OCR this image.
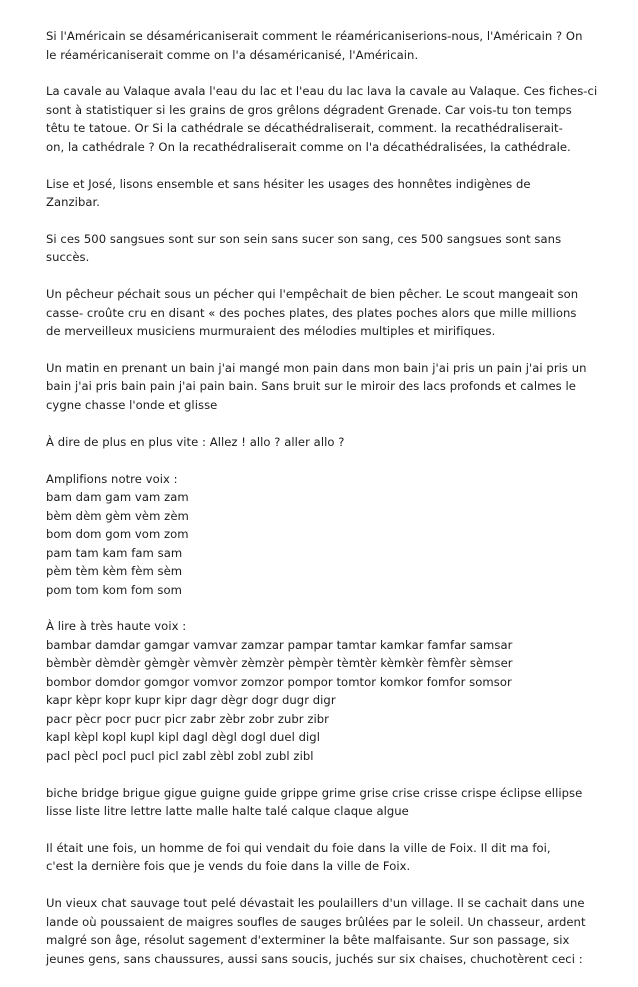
Si l'Américain se désaméricaniserait comment le réaméricaniserions-nous, l'Américain ? On
le réaméricaniserait comme on l'a désaméricanisé, l'Américain.

La cavale au Valaque avala l'eau du lac et l'eau du lac lava la cavale au Valaque. Ces fiches-ci
sont à statistiquer si les grains de gros grêlons dégradent Grenade. Car vois-tu ton temps
têtu te tatoue. Or Si la cathédrale se décathédraliserait, comment. la recathédraliserait-
on, la cathédrale ? On la recathédraliserait comme on l'a décathédralisées, la cathédrale.

Lise et José, lisons ensemble et sans hésiter les usages des honnêtes indigènes de
Zanzibar.

Si ces 500 sangsues sont sur son sein sans sucer son sang, ces 500 sangsues sont sans
succès.

Un pêcheur péchait sous un pécher qui l'empêchait de bien pêcher. Le scout mangeait son
casse- croûte cru en disant « des poches plates, des plates poches alors que mille millions
de merveilleux musiciens murmuraient des mélodies multiples et mirifiques.

Un matin en prenant un bain j'ai mangé mon pain dans mon bain j'ai pris un pain j'ai pris un
bain j'ai pris bain pain j'ai pain bain. Sans bruit sur le miroir des lacs profonds et calmes le
cygne chasse l'onde et glisse

À dire de plus en plus vite : Allez ! allo ? aller allo ?

Amplifions notre voix :
bam dam gam vam zam
bèm dèm gèm vèm zèm
bom dom gom vom zom
pam tam kam fam sam
pèm tèm kèm fèm sèm
pom tom kom fom som

À lire à très haute voix :
bambar damdar gamgar vamvar zamzar pampar tamtar kamkar famfar samsar
bèmbèr dèmdèr gèmgèr vèmvèr zèmzèr pèmpèr tèmtèr kèmkèr fèmfèr sèmser
bombor domdor gomgor vomvor zomzor pompor tomtor komkor fomfor somsor
kapr kèpr kopr kupr kipr dagr dègr dogr dugr digr
pacr pècr pocr pucr picr zabr zèbr zobr zubr zibr
kapl kèpl kopl kupl kipl dagl dègl dogl duel digl
pacl pècl pocl pucl picl zabl zèbl zobl zubl zibl

biche bridge brigue gigue guigne guide grippe grime grise crise crisse crispe éclipse ellipse
lisse liste litre lettre latte malle halte talé calque claque algue

Il était une fois, un homme de foi qui vendait du foie dans la ville de Foix. Il dit ma foi,
c'est la dernière fois que je vends du foie dans la ville de Foix.

Un vieux chat sauvage tout pelé dévastait les poulaillers d'un village. Il se cachait dans une
lande où poussaient de maigres soufles de sauges brûlées par le soleil. Un chasseur, ardent
malgré son âge, résolut sagement d'exterminer la bête malfaisante. Sur son passage, six
jeunes gens, sans chaussures, aussi sans soucis, juchés sur six chaises, chuchotèrent ceci :
